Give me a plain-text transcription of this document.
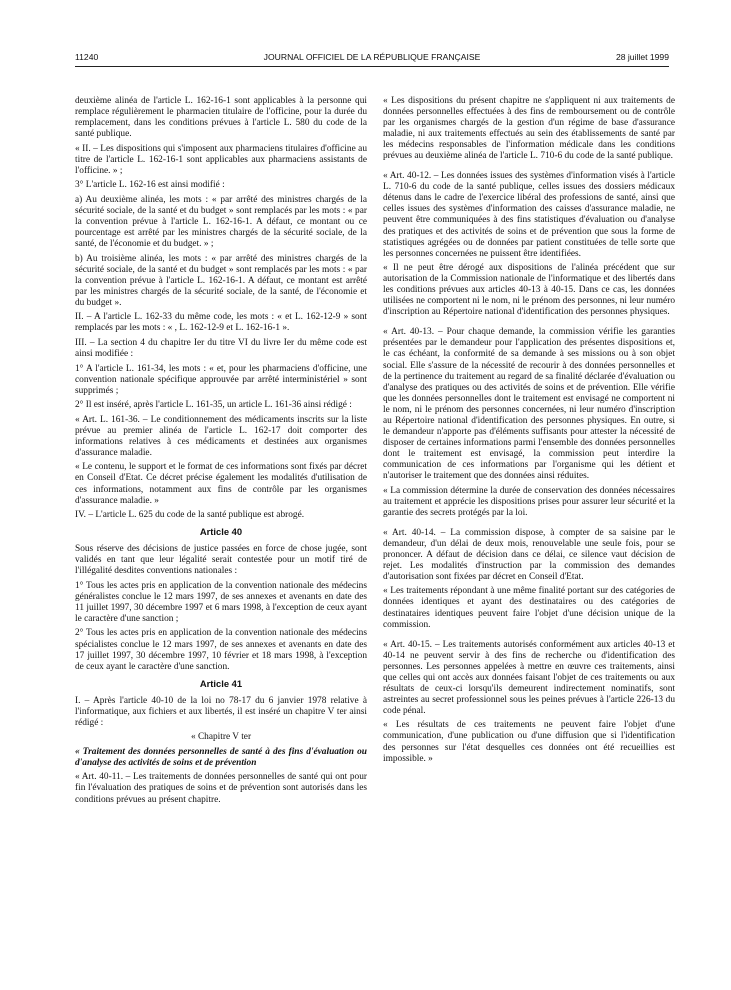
11240	JOURNAL OFFICIEL DE LA RÉPUBLIQUE FRANÇAISE	28 juillet 1999

deuxième alinéa de l'article L. 162-16-1 sont applicables à la personne qui remplace régulièrement le pharmacien titulaire de l'officine, pour la durée du remplacement, dans les conditions prévues à l'article L. 580 du code de la santé publique.

« II. – Les dispositions qui s'imposent aux pharmaciens titulaires d'officine au titre de l'article L. 162-16-1 sont applicables aux pharmaciens assistants de l'officine. » ;

3° L'article L. 162-16 est ainsi modifié :

a) Au deuxième alinéa, les mots : « par arrêté des ministres chargés de la sécurité sociale, de la santé et du budget » sont remplacés par les mots : « par la convention prévue à l'article L. 162-16-1. A défaut, ce montant ou ce pourcentage est arrêté par les ministres chargés de la sécurité sociale, de la santé, de l'économie et du budget. » ;

b) Au troisième alinéa, les mots : « par arrêté des ministres chargés de la sécurité sociale, de la santé et du budget » sont remplacés par les mots : « par la convention prévue à l'article L. 162-16-1. A défaut, ce montant est arrêté par les ministres chargés de la sécurité sociale, de la santé, de l'économie et du budget ».

II. – A l'article L. 162-33 du même code, les mots : « et L. 162-12-9 » sont remplacés par les mots : « , L. 162-12-9 et L. 162-16-1 ».

III. – La section 4 du chapitre Ier du titre VI du livre Ier du même code est ainsi modifiée :

1° A l'article L. 161-34, les mots : « et, pour les pharmaciens d'officine, une convention nationale spécifique approuvée par arrêté interministériel » sont supprimés ;

2° Il est inséré, après l'article L. 161-35, un article L. 161-36 ainsi rédigé :

« Art. L. 161-36. – Le conditionnement des médicaments inscrits sur la liste prévue au premier alinéa de l'article L. 162-17 doit comporter des informations relatives à ces médicaments et destinées aux organismes d'assurance maladie.

« Le contenu, le support et le format de ces informations sont fixés par décret en Conseil d'Etat. Ce décret précise également les modalités d'utilisation de ces informations, notamment aux fins de contrôle par les organismes d'assurance maladie. »

IV. – L'article L. 625 du code de la santé publique est abrogé.

Article 40

Sous réserve des décisions de justice passées en force de chose jugée, sont validés en tant que leur légalité serait contestée pour un motif tiré de l'illégalité desdites conventions nationales :

1° Tous les actes pris en application de la convention nationale des médecins généralistes conclue le 12 mars 1997, de ses annexes et avenants en date des 11 juillet 1997, 30 décembre 1997 et 6 mars 1998, à l'exception de ceux ayant le caractère d'une sanction ;

2° Tous les actes pris en application de la convention nationale des médecins spécialistes conclue le 12 mars 1997, de ses annexes et avenants en date des 17 juillet 1997, 30 décembre 1997, 10 février et 18 mars 1998, à l'exception de ceux ayant le caractère d'une sanction.

Article 41

I. – Après l'article 40-10 de la loi no 78-17 du 6 janvier 1978 relative à l'informatique, aux fichiers et aux libertés, il est inséré un chapitre V ter ainsi rédigé :

« Chapitre V ter

« Traitement des données personnelles de santé à des fins d'évaluation ou d'analyse des activités de soins et de prévention

« Art. 40-11. – Les traitements de données personnelles de santé qui ont pour fin l'évaluation des pratiques de soins et de prévention sont autorisés dans les conditions prévues au présent chapitre.

« Les dispositions du présent chapitre ne s'appliquent ni aux traitements de données personnelles effectuées à des fins de remboursement ou de contrôle par les organismes chargés de la gestion d'un régime de base d'assurance maladie, ni aux traitements effectués au sein des établissements de santé par les médecins responsables de l'information médicale dans les conditions prévues au deuxième alinéa de l'article L. 710-6 du code de la santé publique.

« Art. 40-12. – Les données issues des systèmes d'information visés à l'article L. 710-6 du code de la santé publique, celles issues des dossiers médicaux détenus dans le cadre de l'exercice libéral des professions de santé, ainsi que celles issues des systèmes d'information des caisses d'assurance maladie, ne peuvent être communiquées à des fins statistiques d'évaluation ou d'analyse des pratiques et des activités de soins et de prévention que sous la forme de statistiques agrégées ou de données par patient constituées de telle sorte que les personnes concernées ne puissent être identifiées.

« Il ne peut être dérogé aux dispositions de l'alinéa précédent que sur autorisation de la Commission nationale de l'informatique et des libertés dans les conditions prévues aux articles 40-13 à 40-15. Dans ce cas, les données utilisées ne comportent ni le nom, ni le prénom des personnes, ni leur numéro d'inscription au Répertoire national d'identification des personnes physiques.

« Art. 40-13. – Pour chaque demande, la commission vérifie les garanties présentées par le demandeur pour l'application des présentes dispositions et, le cas échéant, la conformité de sa demande à ses missions ou à son objet social. Elle s'assure de la nécessité de recourir à des données personnelles et de la pertinence du traitement au regard de sa finalité déclarée d'évaluation ou d'analyse des pratiques ou des activités de soins et de prévention. Elle vérifie que les données personnelles dont le traitement est envisagé ne comportent ni le nom, ni le prénom des personnes concernées, ni leur numéro d'inscription au Répertoire national d'identification des personnes physiques. En outre, si le demandeur n'apporte pas d'éléments suffisants pour attester la nécessité de disposer de certaines informations parmi l'ensemble des données personnelles dont le traitement est envisagé, la commission peut interdire la communication de ces informations par l'organisme qui les détient et n'autoriser le traitement que des données ainsi réduites.

« La commission détermine la durée de conservation des données nécessaires au traitement et apprécie les dispositions prises pour assurer leur sécurité et la garantie des secrets protégés par la loi.

« Art. 40-14. – La commission dispose, à compter de sa saisine par le demandeur, d'un délai de deux mois, renouvelable une seule fois, pour se prononcer. A défaut de décision dans ce délai, ce silence vaut décision de rejet. Les modalités d'instruction par la commission des demandes d'autorisation sont fixées par décret en Conseil d'Etat.

« Les traitements répondant à une même finalité portant sur des catégories de données identiques et ayant des destinataires ou des catégories de destinataires identiques peuvent faire l'objet d'une décision unique de la commission.

« Art. 40-15. – Les traitements autorisés conformément aux articles 40-13 et 40-14 ne peuvent servir à des fins de recherche ou d'identification des personnes. Les personnes appelées à mettre en œuvre ces traitements, ainsi que celles qui ont accès aux données faisant l'objet de ces traitements ou aux résultats de ceux-ci lorsqu'ils demeurent indirectement nominatifs, sont astreintes au secret professionnel sous les peines prévues à l'article 226-13 du code pénal.

« Les résultats de ces traitements ne peuvent faire l'objet d'une communication, d'une publication ou d'une diffusion que si l'identification des personnes sur l'état desquelles ces données ont été recueillies est impossible. »
